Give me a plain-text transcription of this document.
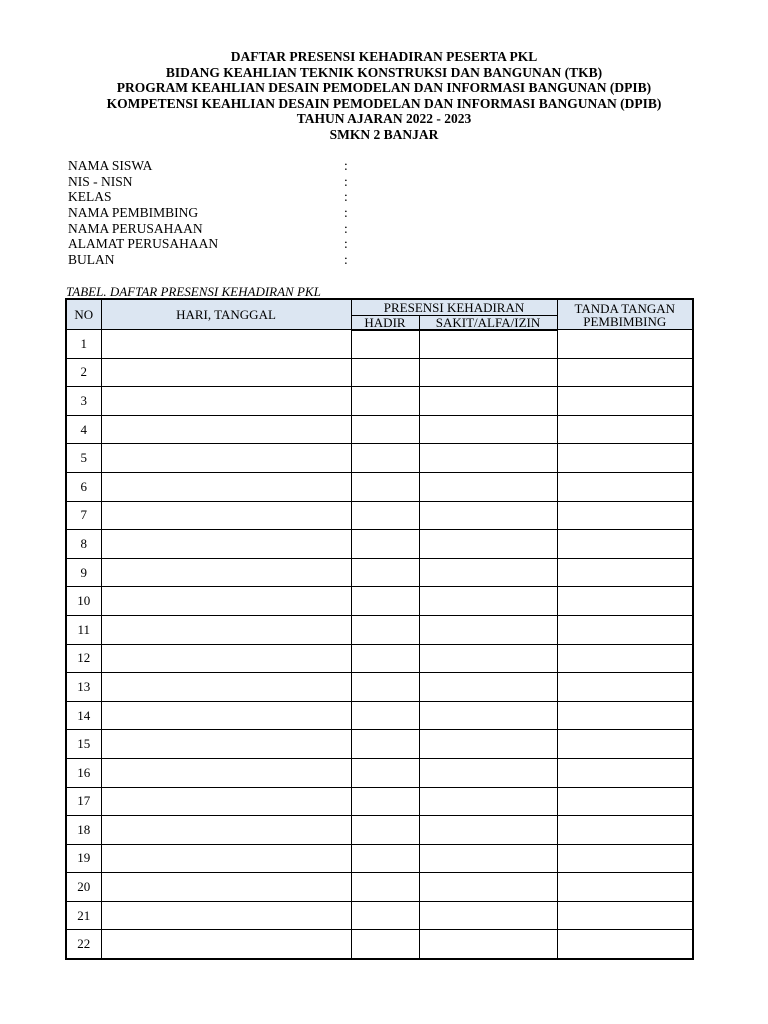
DAFTAR PRESENSI KEHADIRAN PESERTA PKL
BIDANG KEAHLIAN TEKNIK KONSTRUKSI DAN BANGUNAN (TKB)
PROGRAM KEAHLIAN DESAIN PEMODELAN DAN INFORMASI BANGUNAN (DPIB)
KOMPETENSI KEAHLIAN DESAIN PEMODELAN DAN INFORMASI BANGUNAN (DPIB)
TAHUN AJARAN 2022 - 2023
SMKN 2 BANJAR
NAMA SISWA	:
NIS - NISN	:
KELAS	:
NAMA PEMBIMBING	:
NAMA PERUSAHAAN	:
ALAMAT PERUSAHAAN	:
BULAN	:
TABEL. DAFTAR PRESENSI KEHADIRAN PKL
NO	HARI, TANGGAL	PRESENSI KEHADIRAN		TANDA TANGAN
PEMBIMBING

		HADIR	SAKIT/ALFA/IZIN	
1				
2				
3				
4				
5				
6				
7				
8				
9				
10				
11				
12				
13				
14				
15				
16				
17				
18				
19				
20				
21				
22				
